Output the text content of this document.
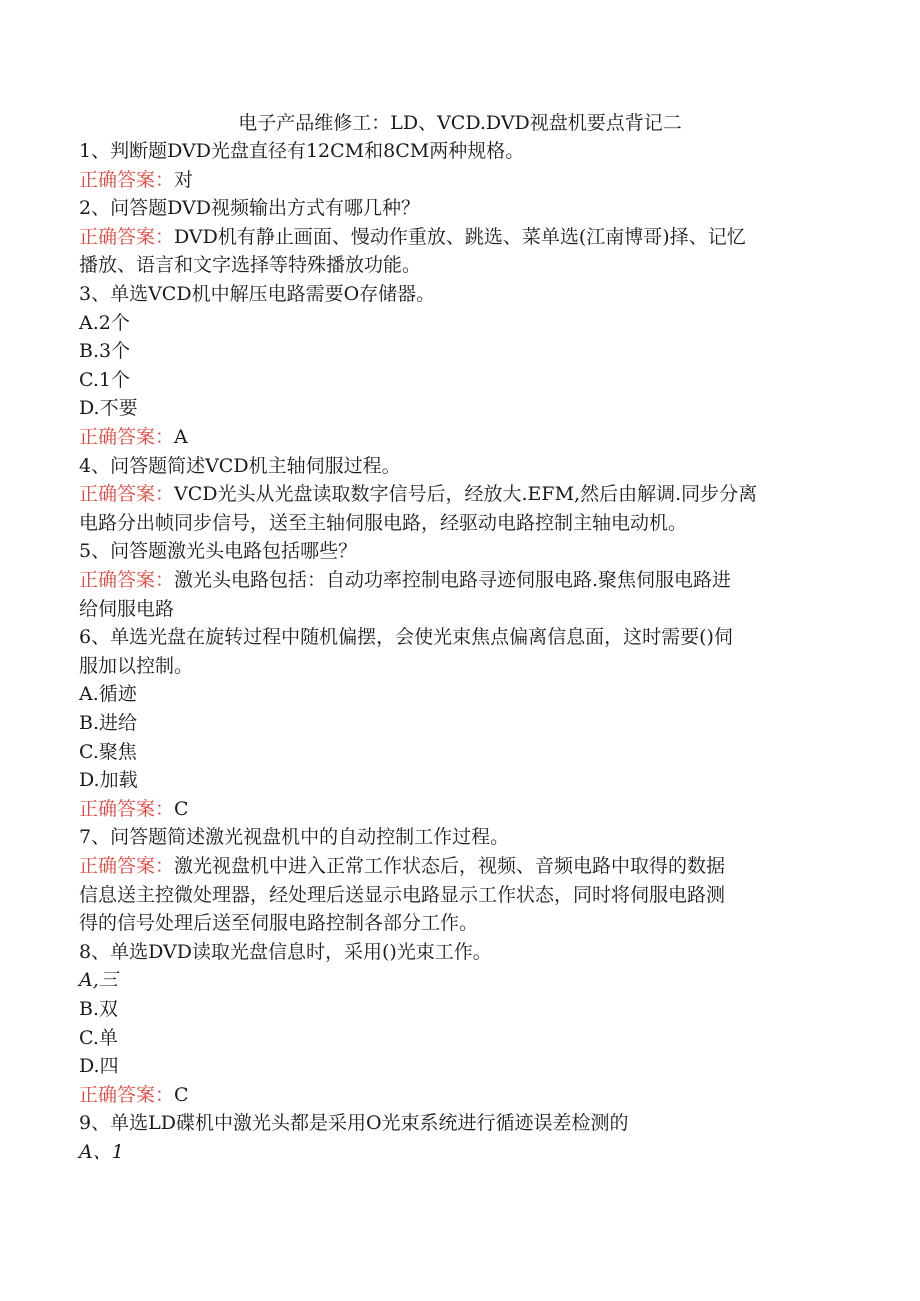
电子产品维修工：LD、VCD.DVD视盘机要点背记二
1、判断题DVD光盘直径有12CM和8CM两种规格。
正确答案：对
2、问答题DVD视频输出方式有哪几种？
正确答案：DVD机有静止画面、慢动作重放、跳选、菜单选(江南博哥)择、记忆
播放、语言和文字选择等特殊播放功能。
3、单选VCD机中解压电路需要O存储器。
A.2个
B.3个
C.1个
D.不要
正确答案：A
4、问答题简述VCD机主轴伺服过程。
正确答案：VCD光头从光盘读取数字信号后，经放大.EFM,然后由解调.同步分离
电路分出帧同步信号，送至主轴伺服电路，经驱动电路控制主轴电动机。
5、问答题激光头电路包括哪些？
正确答案：激光头电路包括：自动功率控制电路寻迹伺服电路.聚焦伺服电路进
给伺服电路
6、单选光盘在旋转过程中随机偏摆，会使光束焦点偏离信息面，这时需要()伺
服加以控制。
A.循迹
B.进给
C.聚焦
D.加载
正确答案：C
7、问答题简述激光视盘机中的自动控制工作过程。
正确答案：激光视盘机中进入正常工作状态后，视频、音频电路中取得的数据
信息送主控微处理器，经处理后送显示电路显示工作状态，同时将伺服电路测
得的信号处理后送至伺服电路控制各部分工作。
8、单选DVD读取光盘信息时，采用()光束工作。
A,三
B.双
C.单
D.四
正确答案：C
9、单选LD碟机中激光头都是采用O光束系统进行循迹误差检测的
A、1
